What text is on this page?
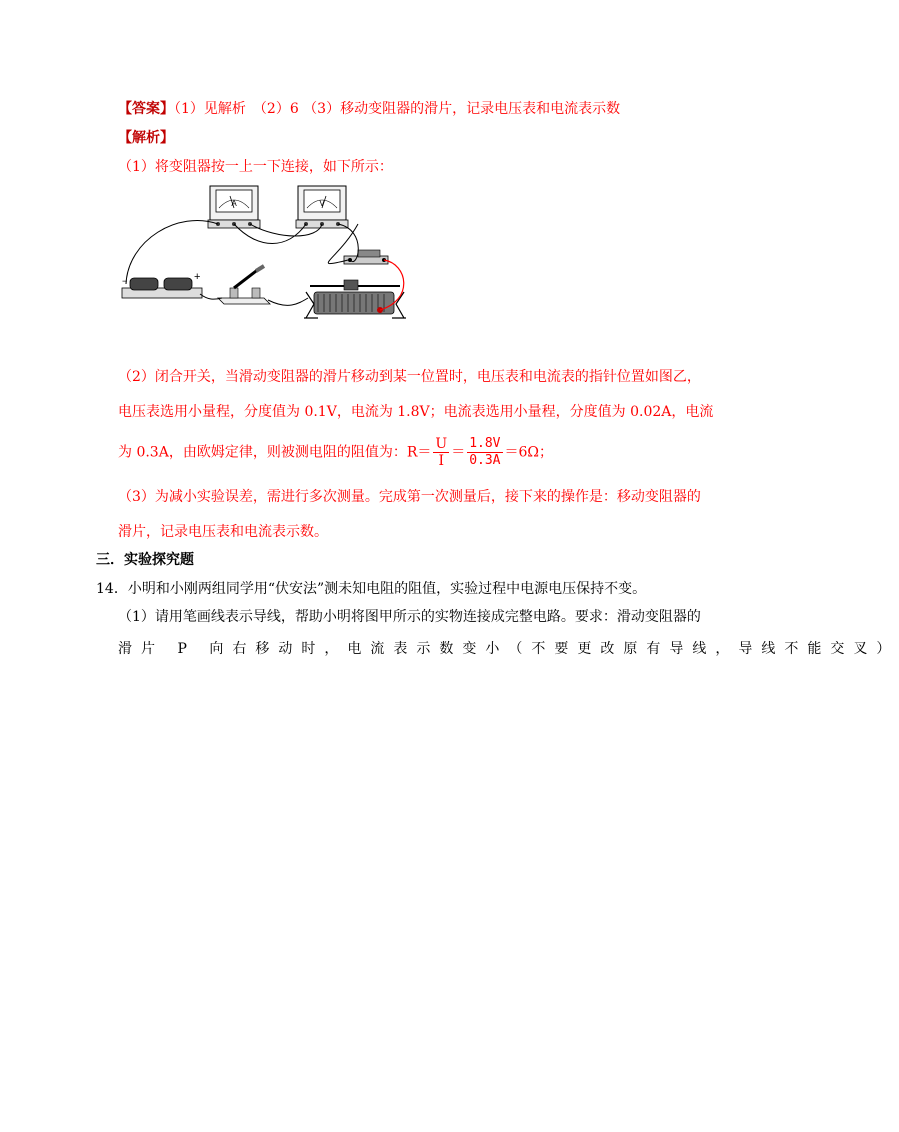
【答案】（1）见解析　（2）6 （3）移动变阻器的滑片，记录电压表和电流表示数
【解析】
（1）将变阻器按一上一下连接，如下所示：
A	V
−	+
（2）闭合开关，当滑动变阻器的滑片移动到某一位置时，电压表和电流表的指针位置如图乙，
电压表选用小量程，分度值为 0.1V，电流为 1.8V；电流表选用小量程，分度值为 0.02A，电流
为 0.3A，由欧姆定律，则被测电阻的阻值为：$R= \frac{U}{I} = \frac{1.8V}{0.3A} =6\Omega$；
（3）为减小实验误差，需进行多次测量。完成第一次测量后，接下来的操作是：移动变阻器的
滑片，记录电压表和电流表示数。
三．实验探究题
14．小明和小刚两组同学用“伏安法”测未知电阻的阻值，实验过程中电源电压保持不变。
（1）请用笔画线表示导线，帮助小明将图甲所示的实物连接成完整电路。要求：滑动变阻器的
滑片 P 向右移动时，电流表示数变小（不要更改原有导线，导线不能交叉）
